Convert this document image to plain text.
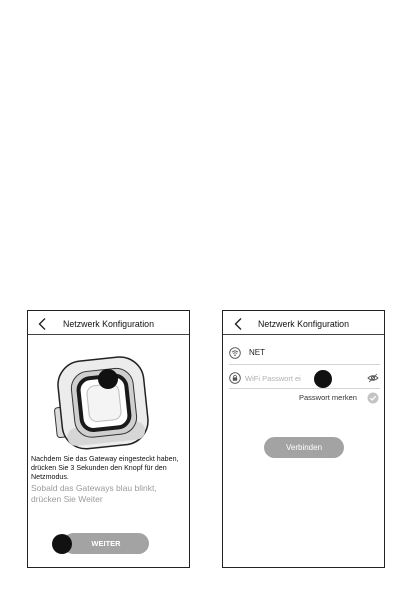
Netzwerk Konfiguration
Nachdem Sie das Gateway eingesteckt haben,
drücken Sie 3 Sekunden den Knopf für den
Netzmodus.
Sobald das Gateways blau blinkt,
drücken Sie Weiter
WEITER
Netzwerk Konfiguration
NET
Passwort merken
Verbinden
